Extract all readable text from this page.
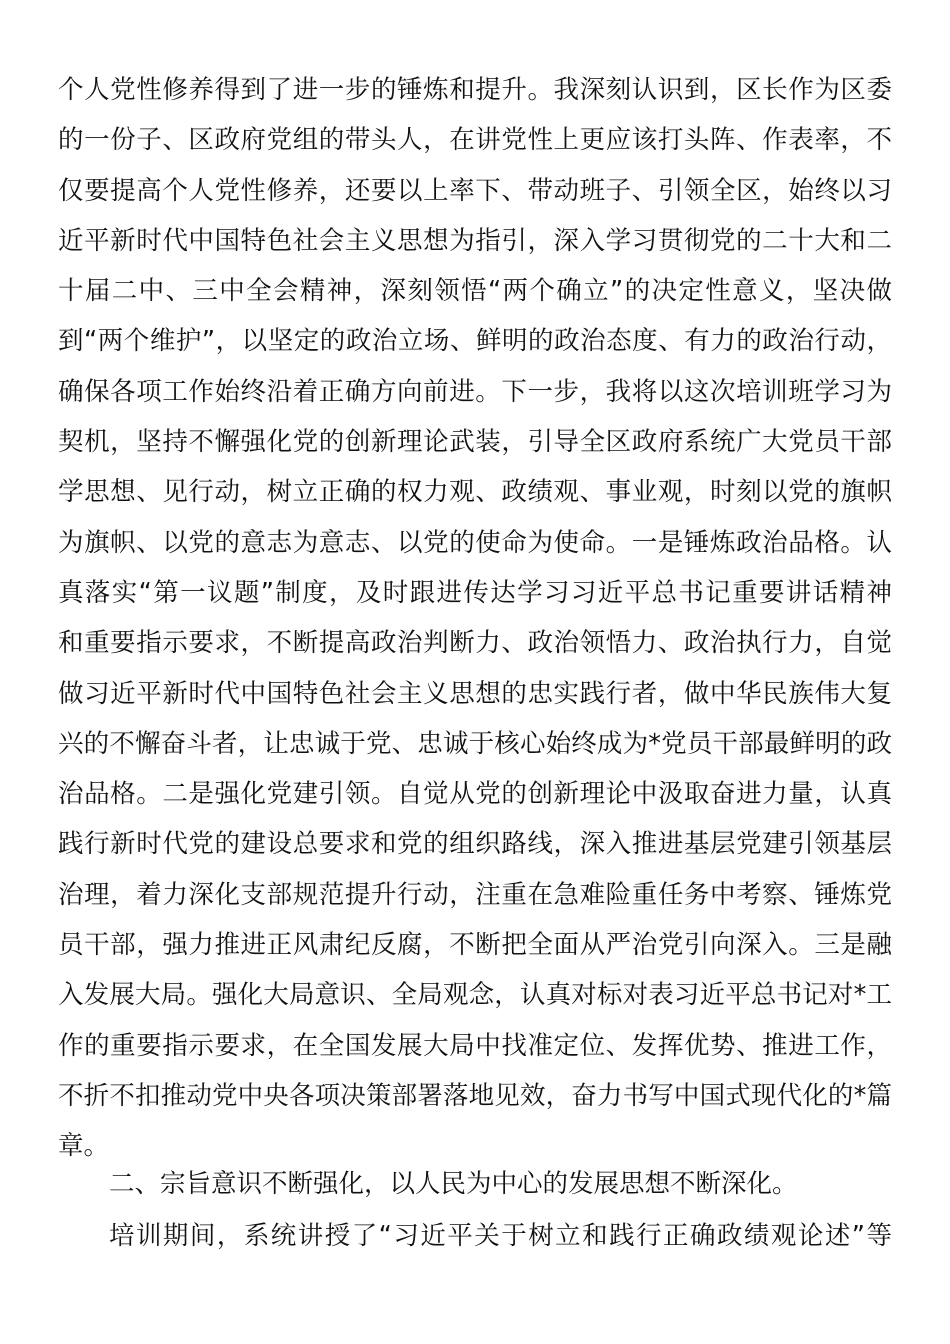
个人党性修养得到了进一步的锤炼和提升。我深刻认识到，区长作为区委
的一份子、区政府党组的带头人，在讲党性上更应该打头阵、作表率，不
仅要提高个人党性修养，还要以上率下、带动班子、引领全区，始终以习
近平新时代中国特色社会主义思想为指引，深入学习贯彻党的二十大和二
十届二中、三中全会精神，深刻领悟“两个确立”的决定性意义，坚决做
到“两个维护”，以坚定的政治立场、鲜明的政治态度、有力的政治行动，
确保各项工作始终沿着正确方向前进。下一步，我将以这次培训班学习为
契机，坚持不懈强化党的创新理论武装，引导全区政府系统广大党员干部
学思想、见行动，树立正确的权力观、政绩观、事业观，时刻以党的旗帜
为旗帜、以党的意志为意志、以党的使命为使命。一是锤炼政治品格。认
真落实“第一议题”制度，及时跟进传达学习习近平总书记重要讲话精神
和重要指示要求，不断提高政治判断力、政治领悟力、政治执行力，自觉
做习近平新时代中国特色社会主义思想的忠实践行者，做中华民族伟大复
兴的不懈奋斗者，让忠诚于党、忠诚于核心始终成为*党员干部最鲜明的政
治品格。二是强化党建引领。自觉从党的创新理论中汲取奋进力量，认真
践行新时代党的建设总要求和党的组织路线，深入推进基层党建引领基层
治理，着力深化支部规范提升行动，注重在急难险重任务中考察、锤炼党
员干部，强力推进正风肃纪反腐，不断把全面从严治党引向深入。三是融
入发展大局。强化大局意识、全局观念，认真对标对表习近平总书记对*工
作的重要指示要求，在全国发展大局中找准定位、发挥优势、推进工作，
不折不扣推动党中央各项决策部署落地见效，奋力书写中国式现代化的*篇
章。
二、宗旨意识不断强化，以人民为中心的发展思想不断深化。
培训期间，系统讲授了“习近平关于树立和践行正确政绩观论述”等
